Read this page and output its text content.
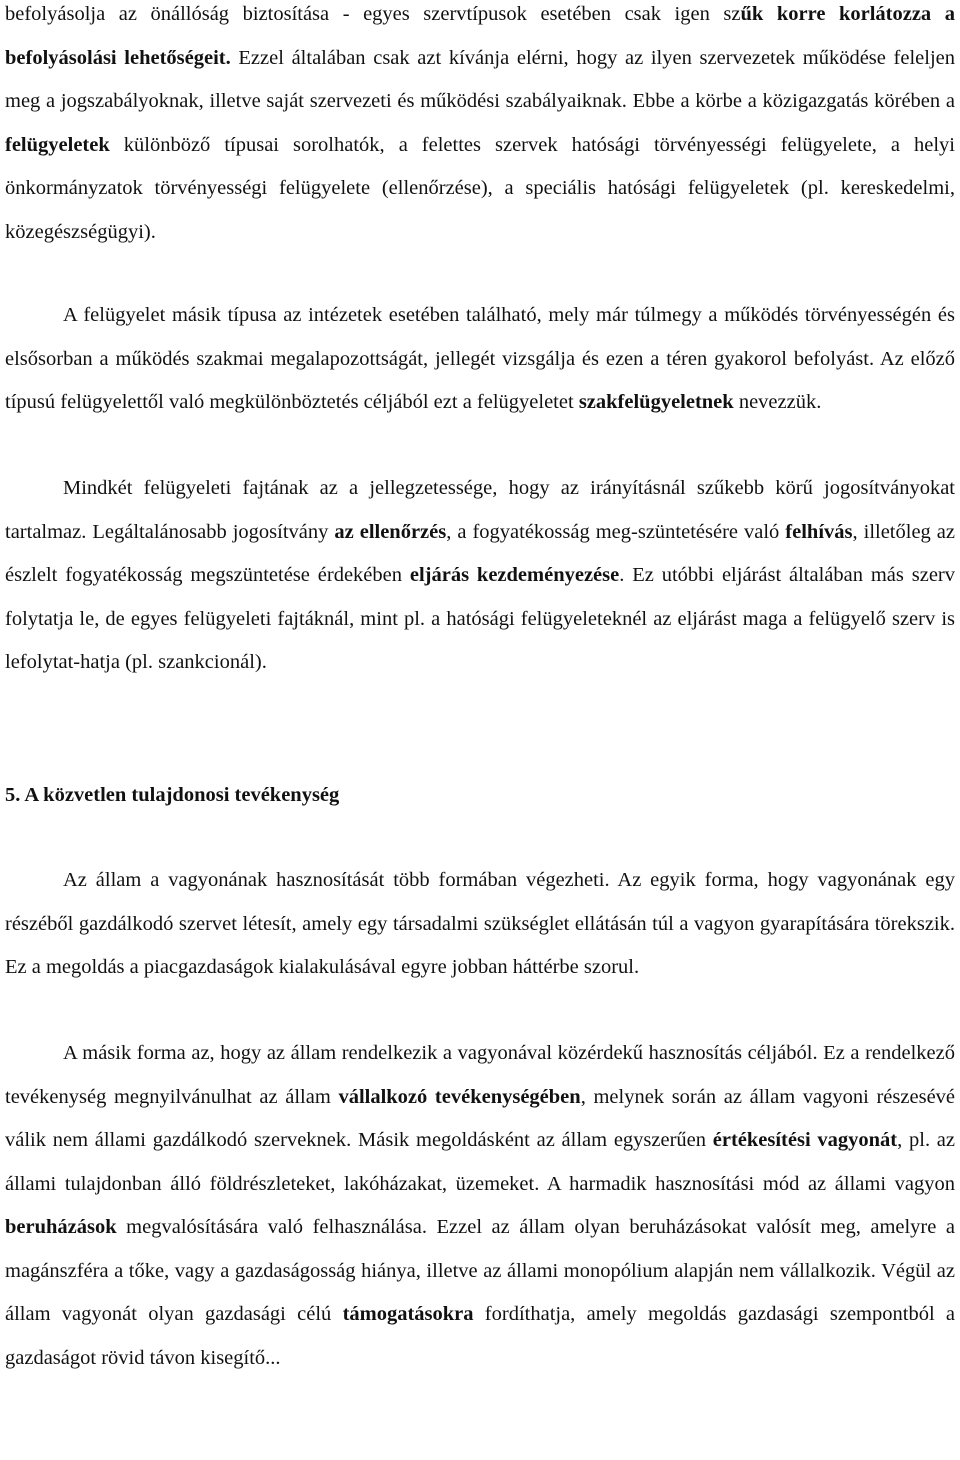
befolyásolja az önállóság biztosítása - egyes szervtípusok esetében csak igen szűk korre korlátozza a befolyásolási lehetőségeit. Ezzel általában csak azt kívánja elérni, hogy az ilyen szervezetek működése feleljen meg a jogszabályoknak, illetve saját szervezeti és működési szabályaiknak. Ebbe a körbe a közigazgatás körében a felügyeletek különböző típusai sorolhatók, a felettes szervek hatósági törvényességi felügyelete, a helyi önkormányzatok törvényességi felügyelete (ellenőrzése), a speciális hatósági felügyeletek (pl. kereskedelmi, közegészségügyi).

A felügyelet másik típusa az intézetek esetében található, mely már túlmegy a működés törvényességén és elsősorban a működés szakmai megalapozottságát, jellegét vizsgálja és ezen a téren gyakorol befolyást. Az előző típusú felügyelettől való megkülönböztetés céljából ezt a felügyeletet szakfelügyeletnek nevezzük.

Mindkét felügyeleti fajtának az a jellegzetessége, hogy az irányításnál szűkebb körű jogosítványokat tartalmaz. Legáltalánosabb jogosítvány az ellenőrzés, a fogyatékosság meg-szüntetésére való felhívás, illetőleg az észlelt fogyatékosság megszüntetése érdekében eljárás kezdeményezése. Ez utóbbi eljárást általában más szerv folytatja le, de egyes felügyeleti fajtáknál, mint pl. a hatósági felügyeleteknél az eljárást maga a felügyelő szerv is lefolytat-hatja (pl. szankcionál).

5. A közvetlen tulajdonosi tevékenység

Az állam a vagyonának hasznosítását több formában végezheti. Az egyik forma, hogy vagyonának egy részéből gazdálkodó szervet létesít, amely egy társadalmi szükséglet ellátásán túl a vagyon gyarapítására törekszik. Ez a megoldás a piacgazdaságok kialakulásával egyre jobban háttérbe szorul.

A másik forma az, hogy az állam rendelkezik a vagyonával közérdekű hasznosítás céljából. Ez a rendelkező tevékenység megnyilvánulhat az állam vállalkozó tevékenységében, melynek során az állam vagyoni részesévé válik nem állami gazdálkodó szerveknek. Másik megoldásként az állam egyszerűen értékesítési vagyonát, pl. az állami tulajdonban álló földrészleteket, lakóházakat, üzemeket. A harmadik hasznosítási mód az állami vagyon beruházások megvalósítására való felhasználása. Ezzel az állam olyan beruházásokat valósít meg, amelyre a magánszféra a tőke, vagy a gazdaságosság hiánya, illetve az állami monopólium alapján nem vállalkozik. Végül az állam vagyonát olyan gazdasági célú támogatásokra fordíthatja, amely megoldás gazdasági szempontból a gazdaságot rövid távon kisegítő...
